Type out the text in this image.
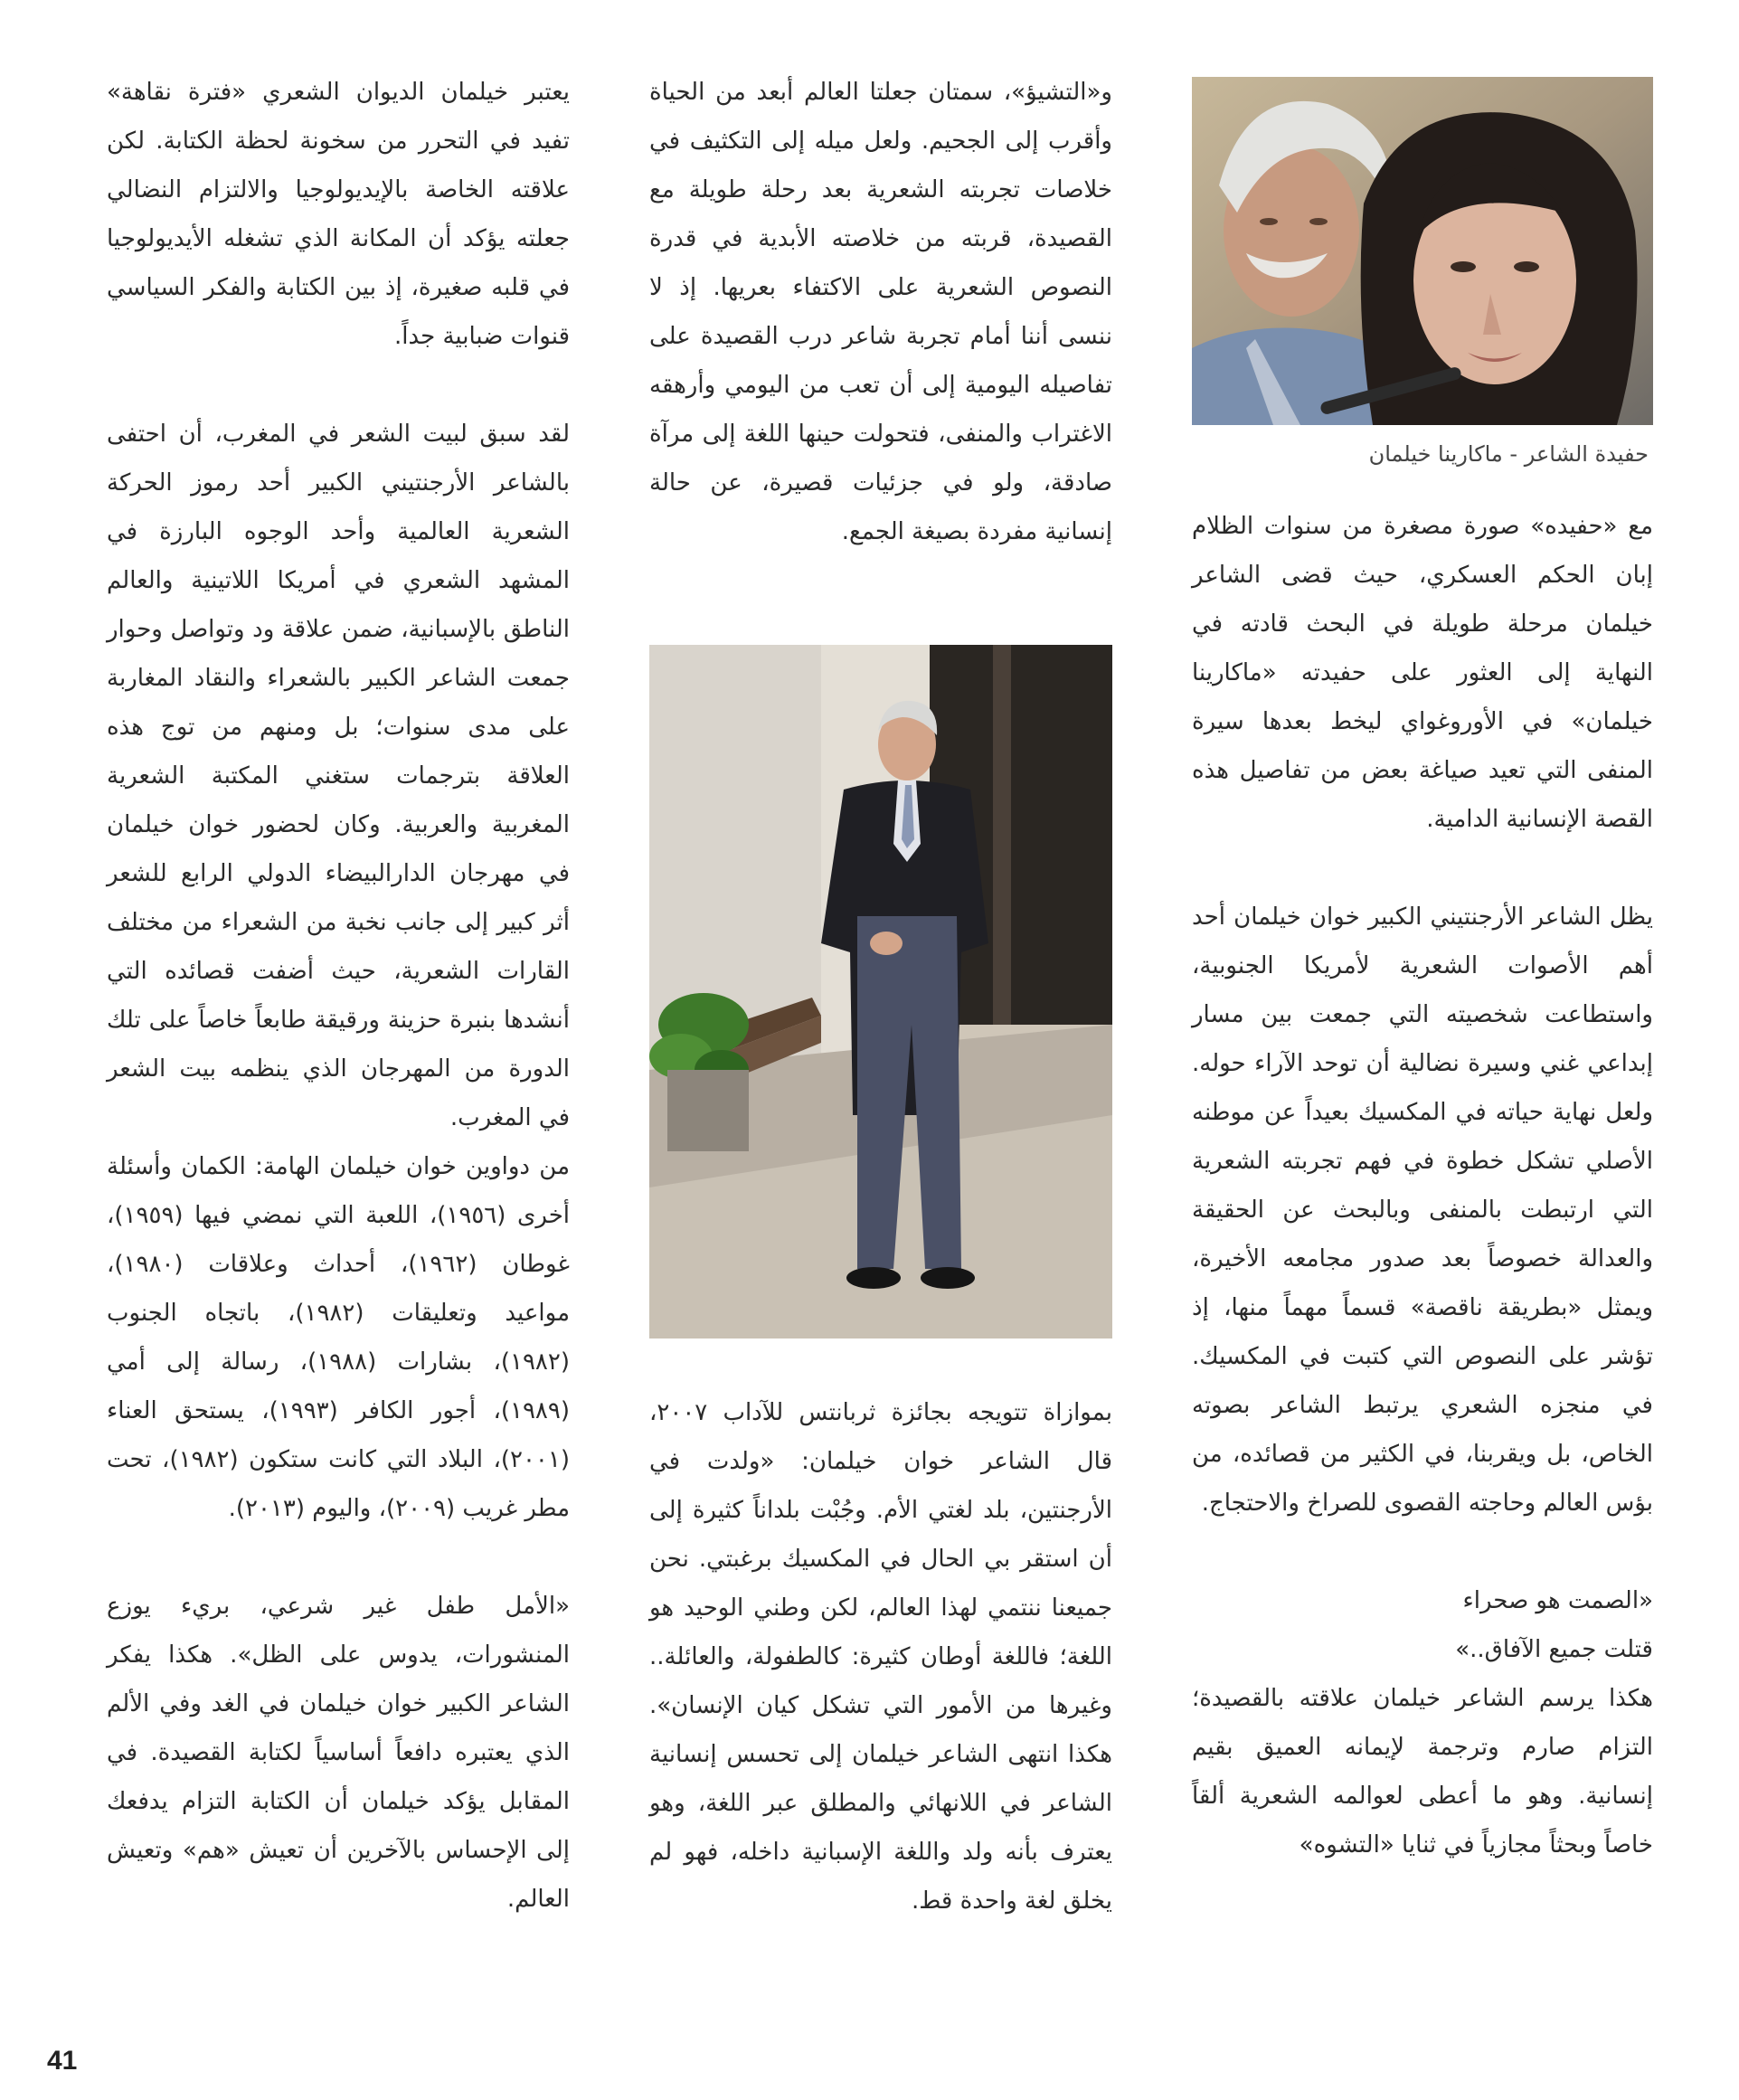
حفيدة الشاعر - ماكارينا خيلمان

مع «حفيده» صورة مصغرة من سنوات الظلام إبان الحكم العسكري، حيث قضى الشاعر خيلمان مرحلة طويلة في البحث قادته في النهاية إلى العثور على حفيدته «ماكارينا خيلمان» في الأوروغواي ليخط بعدها سيرة المنفى التي تعيد صياغة بعض من تفاصيل هذه القصة الإنسانية الدامية.

يظل الشاعر الأرجنتيني الكبير خوان خيلمان أحد أهم الأصوات الشعرية لأمريكا الجنوبية، واستطاعت شخصيته التي جمعت بين مسار إبداعي غني وسيرة نضالية أن توحد الآراء حوله. ولعل نهاية حياته في المكسيك بعيداً عن موطنه الأصلي تشكل خطوة في فهم تجربته الشعرية التي ارتبطت بالمنفى وبالبحث عن الحقيقة والعدالة خصوصاً بعد صدور مجامعه الأخيرة، ويمثل «بطريقة ناقصة» قسماً مهماً منها، إذ تؤشر على النصوص التي كتبت في المكسيك. في منجزه الشعري يرتبط الشاعر بصوته الخاص، بل ويقربنا، في الكثير من قصائده، من بؤس العالم وحاجته القصوى للصراخ والاحتجاج.

«الصمت هو صحراء

قتلت جميع الآفاق..»

هكذا يرسم الشاعر خيلمان علاقته بالقصيدة؛ التزام صارم وترجمة لإيمانه العميق بقيم إنسانية. وهو ما أعطى لعوالمه الشعرية ألقاً خاصاً وبحثاً مجازياً في ثنايا «التشوه»

و«التشيؤ»، سمتان جعلتا العالم أبعد من الحياة وأقرب إلى الجحيم. ولعل ميله إلى التكثيف في خلاصات تجربته الشعرية بعد رحلة طويلة مع القصيدة، قربته من خلاصته الأبدية في قدرة النصوص الشعرية على الاكتفاء بعريها. إذ لا ننسى أننا أمام تجربة شاعر درب القصيدة على تفاصيله اليومية إلى أن تعب من اليومي وأرهقه الاغتراب والمنفى، فتحولت حينها اللغة إلى مرآة صادقة، ولو في جزئيات قصيرة، عن حالة إنسانية مفردة بصيغة الجمع.

بموازاة تتويجه بجائزة ثربانتس للآداب ٢٠٠٧، قال الشاعر خوان خيلمان: «ولدت في الأرجنتين، بلد لغتي الأم. وجُبْت بلداناً كثيرة إلى أن استقر بي الحال في المكسيك برغبتي. نحن جميعنا ننتمي لهذا العالم، لكن وطني الوحيد هو اللغة؛ فاللغة أوطان كثيرة: كالطفولة، والعائلة.. وغيرها من الأمور التي تشكل كيان الإنسان». هكذا انتهى الشاعر خيلمان إلى تحسس إنسانية الشاعر في اللانهائي والمطلق عبر اللغة، وهو يعترف بأنه ولد واللغة الإسبانية داخله، فهو لم يخلق لغة واحدة قط.

يعتبر خيلمان الديوان الشعري «فترة نقاهة» تفيد في التحرر من سخونة لحظة الكتابة. لكن علاقته الخاصة بالإيديولوجيا والالتزام النضالي جعلته يؤكد أن المكانة الذي تشغله الأيديولوجيا في قلبه صغيرة، إذ بين الكتابة والفكر السياسي قنوات ضبابية جداً.

لقد سبق لبيت الشعر في المغرب، أن احتفى بالشاعر الأرجنتيني الكبير أحد رموز الحركة الشعرية العالمية وأحد الوجوه البارزة في المشهد الشعري في أمريكا اللاتينية والعالم الناطق بالإسبانية، ضمن علاقة ود وتواصل وحوار جمعت الشاعر الكبير بالشعراء والنقاد المغاربة على مدى سنوات؛ بل ومنهم من توج هذه العلاقة بترجمات ستغني المكتبة الشعرية المغربية والعربية. وكان لحضور خوان خيلمان في مهرجان الدارالبيضاء الدولي الرابع للشعر أثر كبير إلى جانب نخبة من الشعراء من مختلف القارات الشعرية، حيث أضفت قصائده التي أنشدها بنبرة حزينة ورقيقة طابعاً خاصاً على تلك الدورة من المهرجان الذي ينظمه بيت الشعر في المغرب.

من دواوين خوان خيلمان الهامة: الكمان وأسئلة أخرى (١٩٥٦)، اللعبة التي نمضي فيها (١٩٥٩)، غوطان (١٩٦٢)، أحداث وعلاقات (١٩٨٠)، مواعيد وتعليقات (١٩٨٢)، باتجاه الجنوب (١٩٨٢)، بشارات (١٩٨٨)، رسالة إلى أمي (١٩٨٩)، أجور الكافر (١٩٩٣)، يستحق العناء (٢٠٠١)، البلاد التي كانت ستكون (١٩٨٢)، تحت مطر غريب (٢٠٠٩)، واليوم (٢٠١٣).

«الأمل طفل غير شرعي، بريء يوزع المنشورات، يدوس على الظل». هكذا يفكر الشاعر الكبير خوان خيلمان في الغد وفي الألم الذي يعتبره دافعاً أساسياً لكتابة القصيدة. في المقابل يؤكد خيلمان أن الكتابة التزام يدفعك إلى الإحساس بالآخرين أن تعيش «هم» وتعيش العالم.

41
